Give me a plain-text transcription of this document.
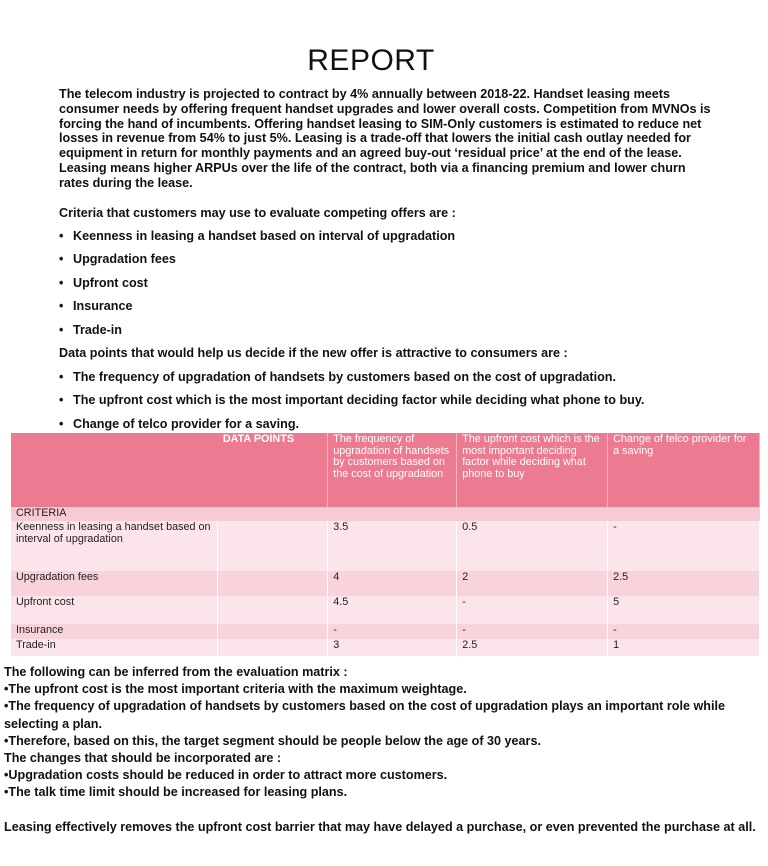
REPORT
The telecom industry is projected to contract by 4% annually between 2018-22. Handset leasing meets consumer needs by offering frequent handset upgrades and lower overall costs. Competition from MVNOs is forcing the hand of incumbents. Offering handset leasing to SIM-Only customers is estimated to reduce net losses in revenue from 54% to just 5%. Leasing is a trade-off that lowers the initial cash outlay needed for equipment in return for monthly payments and an agreed buy-out ‘residual price’ at the end of the lease. Leasing means higher ARPUs over the life of the contract, both via a financing premium and lower churn rates during the lease.
Criteria that customers may use to evaluate competing offers are :
• Keenness in leasing a handset based on interval of upgradation
• Upgradation fees
• Upfront cost
• Insurance
• Trade-in
Data points that would help us decide if the new offer is attractive to consumers are :
• The frequency of upgradation of handsets by customers based on the cost of upgradation.
• The upfront cost which is the most important deciding factor while deciding what phone to buy.
• Change of telco provider for a saving.
	DATA POINTS	The frequency of upgradation of handsets by customers based on the cost of upgradation	The upfront cost which is the most important deciding factor while deciding what phone to buy	Change of telco provider for a saving
CRITERIA				
Keenness in leasing a handset based on interval of upgradation		3.5	0.5	-
Upgradation fees		4	2	2.5
Upfront cost		4.5	-	5
Insurance		-	-	-
Trade-in		3	2.5	1
The following can be inferred from the evaluation matrix :
•The upfront cost is the most important criteria with the maximum weightage.
•The frequency of upgradation of handsets by customers based on the cost of upgradation plays an important role while selecting a plan.
•Therefore, based on this, the target segment should be people below the age of 30 years.
The changes that should be incorporated are :
•Upgradation costs should be reduced in order to attract more customers.
•The talk time limit should be increased for leasing plans.
Leasing effectively removes the upfront cost barrier that may have delayed a purchase, or even prevented the purchase at all.
